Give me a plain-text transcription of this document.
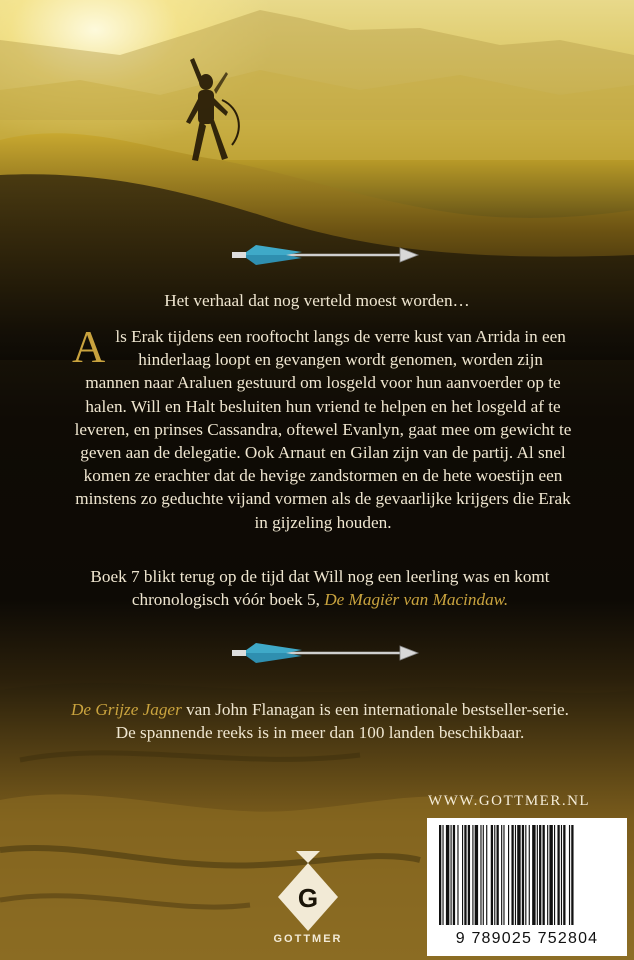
Het verhaal dat nog verteld moest worden…
Als Erak tijdens een rooftocht langs de verre kust van Arrida in een hinderlaag loopt en gevangen wordt genomen, worden zijn mannen naar Araluen gestuurd om losgeld voor hun aanvoerder op te halen. Will en Halt besluiten hun vriend te helpen en het losgeld af te leveren, en prinses Cassandra, oftewel Evanlyn, gaat mee om gewicht te geven aan de delegatie. Ook Arnaut en Gilan zijn van de partij. Al snel komen ze erachter dat de hevige zandstormen en de hete woestijn een minstens zo geduchte vijand vormen als de gevaarlijke krijgers die Erak in gijzeling houden.
Boek 7 blikt terug op de tijd dat Will nog een leerling was en komt chronologisch vóór boek 5, De Magiër van Macindaw.
De Grijze Jager van John Flanagan is een internationale bestseller-serie. De spannende reeks is in meer dan 100 landen beschikbaar.
WWW.GOTTMER.NL
G
GOTTMER	9 789025 752804
